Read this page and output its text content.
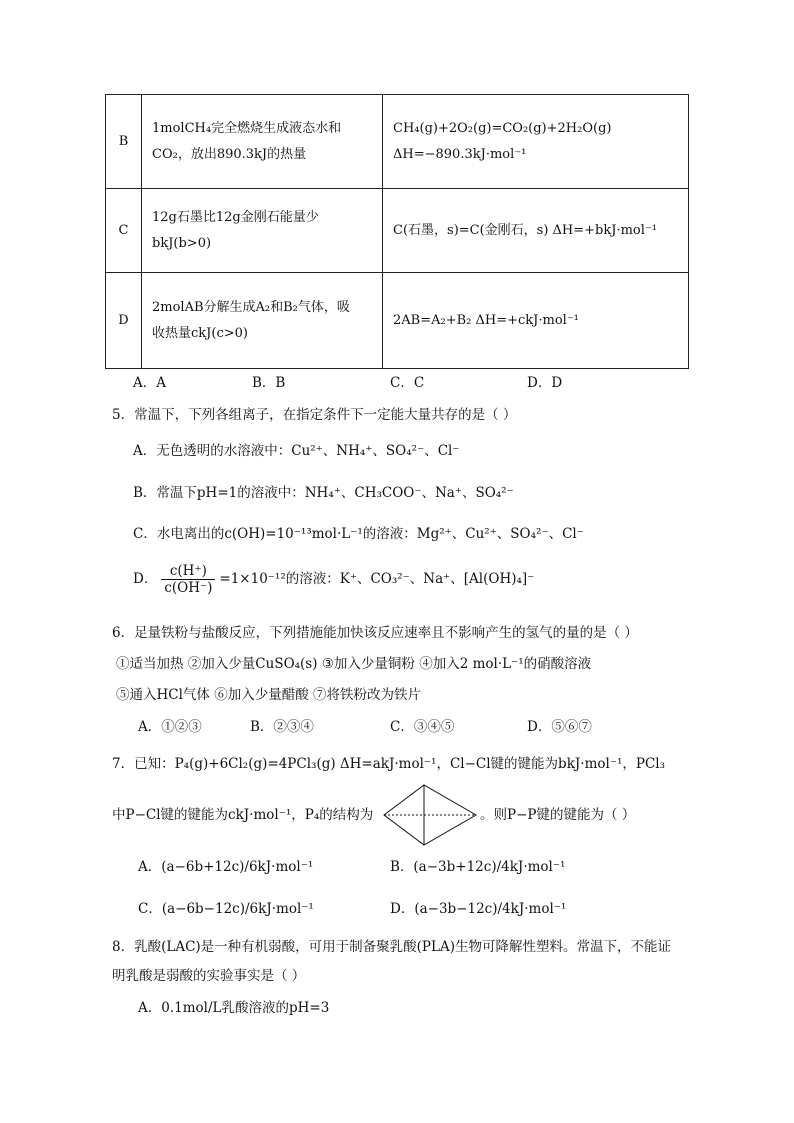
B	1molCH₄完全燃烧生成液态水和
CO₂，放出890.3kJ的热量	CH₄(g)+2O₂(g)=CO₂(g)+2H₂O(g)
ΔH=−890.3kJ·mol⁻¹

C	12g石墨比12g金刚石能量少
bkJ(b>0)	C(石墨，s)=C(金刚石，s) ΔH=+bkJ·mol⁻¹

D	2molAB分解生成A₂和B₂气体，吸
收热量ckJ(c>0)	2AB=A₂+B₂ ΔH=+ckJ·mol⁻¹
A．A	B．B	C．C	D．D
5．常温下，下列各组离子，在指定条件下一定能大量共存的是（ ）
A．无色透明的水溶液中：Cu²⁺、NH₄⁺、SO₄²⁻、Cl⁻
B．常温下pH=1的溶液中：NH₄⁺、CH₃COO⁻、Na⁺、SO₄²⁻
C．水电离出的c(OH)=10⁻¹³mol·L⁻¹的溶液：Mg²⁺、Cu²⁺、SO₄²⁻、Cl⁻
D． $\frac{c(H^+)}{c(OH^-)} =1\times 10^{-12}$的溶液：K⁺、CO₃²⁻、Na⁺、[Al(OH)₄]⁻
6．足量铁粉与盐酸反应，下列措施能加快该反应速率且不影响产生的氢气的量的是（ ）
①适当加热 ②加入少量CuSO₄(s) ③加入少量铜粉 ④加入2 mol·L⁻¹的硝酸溶液
⑤通入HCl气体 ⑥加入少量醋酸 ⑦将铁粉改为铁片
A．①②③	B．②③④	C．③④⑤	D．⑤⑥⑦
7．已知：P₄(g)+6Cl₂(g)=4PCl₃(g) ΔH=akJ·mol⁻¹，Cl−Cl键的键能为bkJ·mol⁻¹，PCl₃
中P−Cl键的键能为ckJ·mol⁻¹，P₄的结构为	。则P−P键的键能为（ ）
A．(a−6b+12c)/6kJ·mol⁻¹	B．(a−3b+12c)/4kJ·mol⁻¹
C．(a−6b−12c)/6kJ·mol⁻¹	D．(a−3b−12c)/4kJ·mol⁻¹
8．乳酸(LAC)是一种有机弱酸，可用于制备聚乳酸(PLA)生物可降解性塑料。常温下，不能证
明乳酸是弱酸的实验事实是（ ）
A．0.1mol/L乳酸溶液的pH=3
